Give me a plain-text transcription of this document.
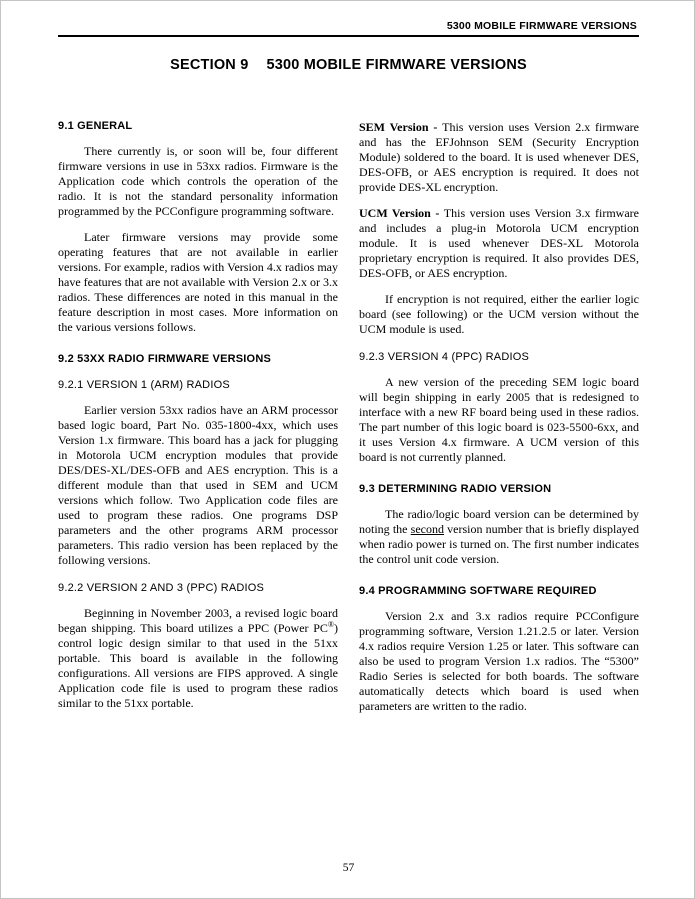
5300 MOBILE FIRMWARE VERSIONS
SECTION 9 5300 MOBILE FIRMWARE VERSIONS
9.1 GENERAL

There currently is, or soon will be, four different firmware versions in use in 53xx radios. Firmware is the Application code which controls the operation of the radio. It is not the standard personality information programmed by the PCConfigure programming software.

Later firmware versions may provide some operating features that are not available in earlier versions. For example, radios with Version 4.x radios may have features that are not available with Version 2.x or 3.x radios. These differences are noted in this manual in the feature description in most cases. More information on the various versions follows.

9.2 53XX RADIO FIRMWARE VERSIONS
9.2.1 VERSION 1 (ARM) RADIOS

Earlier version 53xx radios have an ARM processor based logic board, Part No. 035-1800-4xx, which uses Version 1.x firmware. This board has a jack for plugging in Motorola UCM encryption modules that provide DES/DES-XL/DES-OFB and AES encryption. This is a different module than that used in SEM and UCM versions which follow. Two Application code files are used to program these radios. One programs DSP parameters and the other programs ARM processor parameters. This radio version has been replaced by the following versions.

9.2.2 VERSION 2 AND 3 (PPC) RADIOS

Beginning in November 2003, a revised logic board began shipping. This board utilizes a PPC (Power PC®) control logic design similar to that used in the 51xx portable. This board is available in the following configurations. All versions are FIPS approved. A single Application code file is used to program these radios similar to the 51xx portable.

SEM Version - This version uses Version 2.x firmware and has the EFJohnson SEM (Security Encryption Module) soldered to the board. It is used whenever DES, DES-OFB, or AES encryption is required. It does not provide DES-XL encryption.

UCM Version - This version uses Version 3.x firmware and includes a plug-in Motorola UCM encryption module. It is used whenever DES-XL Motorola proprietary encryption is required. It also provides DES, DES-OFB, or AES encryption.

If encryption is not required, either the earlier logic board (see following) or the UCM version without the UCM module is used.

9.2.3 VERSION 4 (PPC) RADIOS

A new version of the preceding SEM logic board will begin shipping in early 2005 that is redesigned to interface with a new RF board being used in these radios. The part number of this logic board is 023-5500-6xx, and it uses Version 4.x firmware. A UCM version of this board is not currently planned.

9.3 DETERMINING RADIO VERSION

The radio/logic board version can be determined by noting the second version number that is briefly displayed when radio power is turned on. The first number indicates the control unit code version.

9.4 PROGRAMMING SOFTWARE REQUIRED

Version 2.x and 3.x radios require PCConfigure programming software, Version 1.21.2.5 or later. Version 4.x radios require Version 1.25 or later. This software can also be used to program Version 1.x radios. The “5300” Radio Series is selected for both boards. The software automatically detects which board is used when parameters are written to the radio.

57
